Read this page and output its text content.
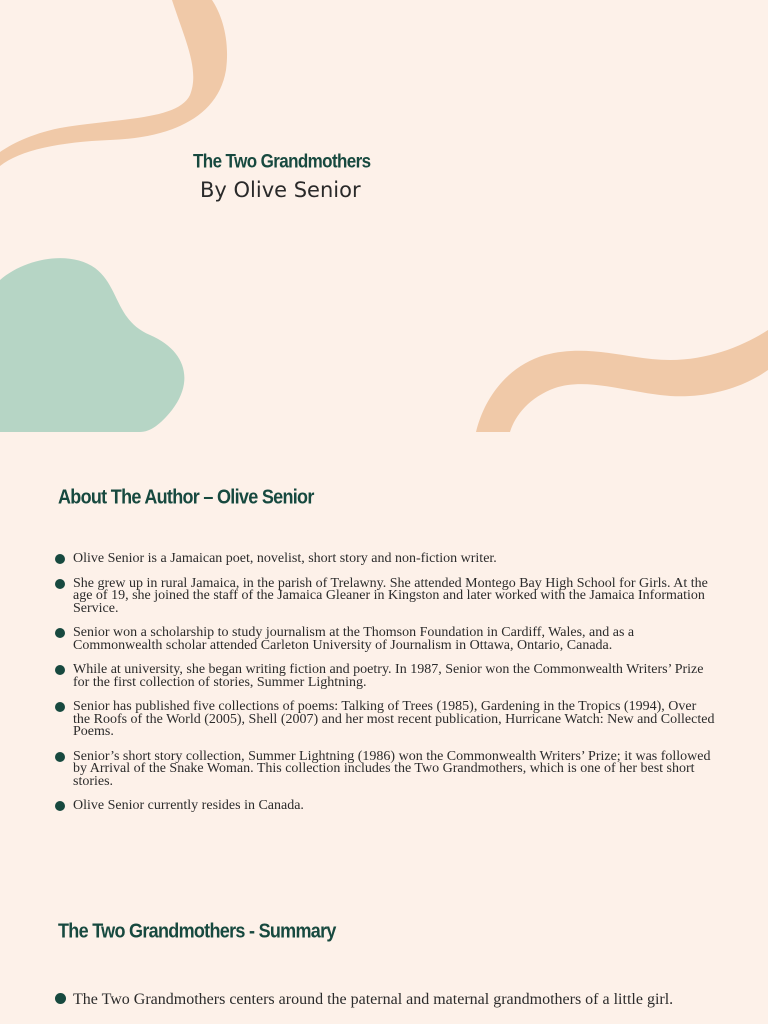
The Two Grandmothers
By Olive Senior
About The Author – Olive Senior
Olive Senior is a Jamaican poet, novelist, short story and non-fiction writer.
She grew up in rural Jamaica, in the parish of Trelawny. She attended Montego Bay High School for Girls. At the age of 19, she joined the staff of the Jamaica Gleaner in Kingston and later worked with the Jamaica Information Service.
Senior won a scholarship to study journalism at the Thomson Foundation in Cardiff, Wales, and as a Commonwealth scholar attended Carleton University of Journalism in Ottawa, Ontario, Canada.
While at university, she began writing fiction and poetry. In 1987, Senior won the Commonwealth Writers’ Prize for the first collection of stories, Summer Lightning.
Senior has published five collections of poems: Talking of Trees (1985), Gardening in the Tropics (1994), Over the Roofs of the World (2005), Shell (2007) and her most recent publication, Hurricane Watch: New and Collected Poems.
Senior’s short story collection, Summer Lightning (1986) won the Commonwealth Writers’ Prize; it was followed by Arrival of the Snake Woman. This collection includes the Two Grandmothers, which is one of her best short stories.
Olive Senior currently resides in Canada.
The Two Grandmothers - Summary
The Two Grandmothers centers around the paternal and maternal grandmothers of a little girl.
